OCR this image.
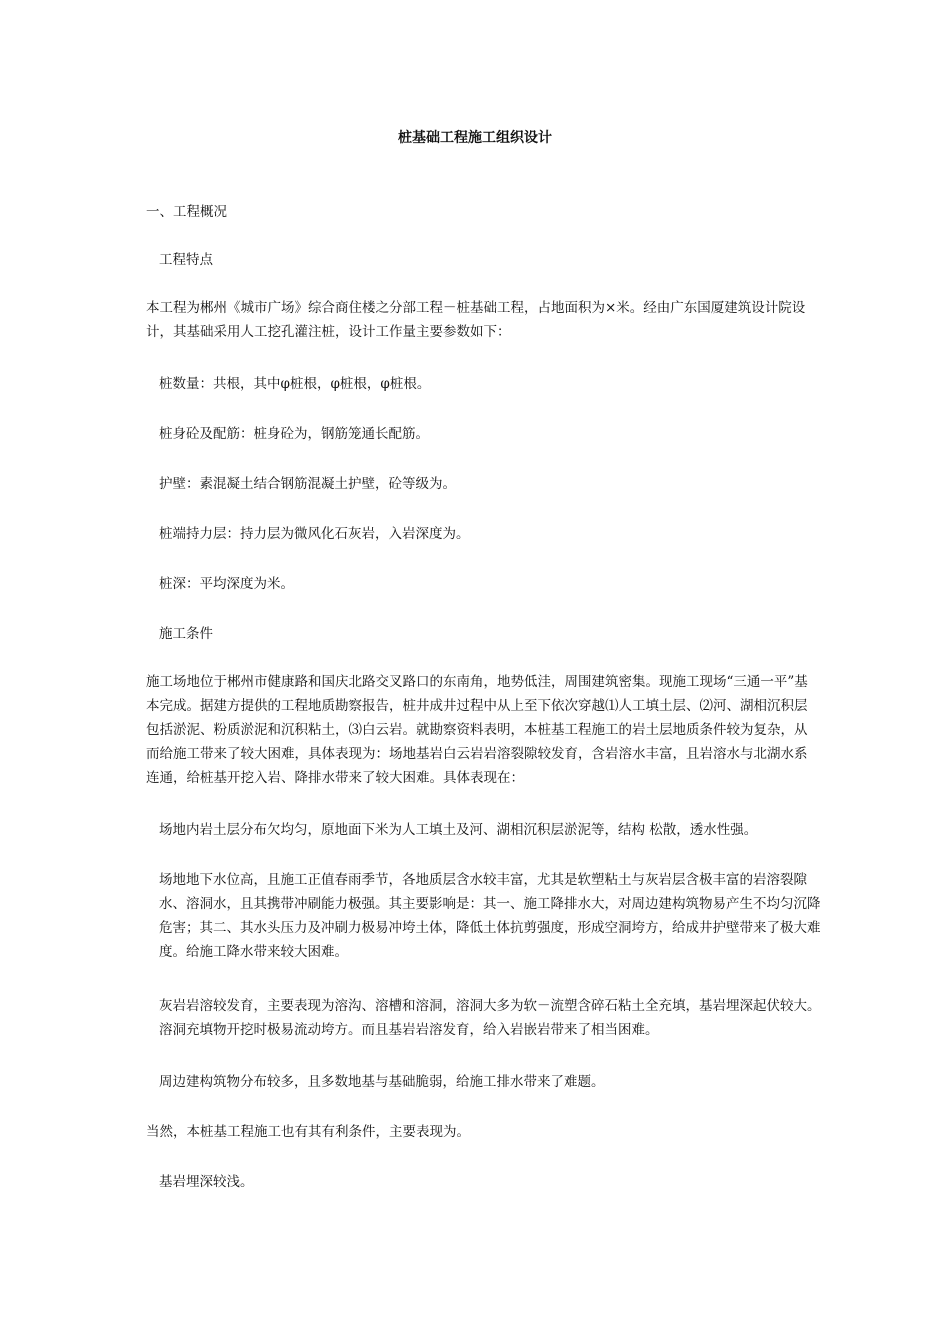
桩基础工程施工组织设计

一、工程概况

工程特点

本工程为郴州《城市广场》综合商住楼之分部工程－桩基础工程，占地面积为×米。经由广东国厦建筑设计院设计，其基础采用人工挖孔灌注桩，设计工作量主要参数如下：

桩数量：共根，其中φ桩根，φ桩根，φ桩根。

桩身砼及配筋：桩身砼为，钢筋笼通长配筋。

护壁：素混凝土结合钢筋混凝土护壁，砼等级为。

桩端持力层：持力层为微风化石灰岩，入岩深度为。

桩深：平均深度为米。

施工条件

施工场地位于郴州市健康路和国庆北路交叉路口的东南角，地势低洼，周围建筑密集。现施工现场“三通一平”基本完成。据建方提供的工程地质勘察报告，桩井成井过程中从上至下依次穿越⑴人工填土层、⑵河、湖相沉积层包括淤泥、粉质淤泥和沉积粘土，⑶白云岩。就勘察资料表明，本桩基工程施工的岩土层地质条件较为复杂，从而给施工带来了较大困难，具体表现为：场地基岩白云岩岩溶裂隙较发育，含岩溶水丰富，且岩溶水与北湖水系连通，给桩基开挖入岩、降排水带来了较大困难。具体表现在：

场地内岩土层分布欠均匀，原地面下米为人工填土及河、湖相沉积层淤泥等，结构 松散，透水性强。

场地地下水位高，且施工正值春雨季节，各地质层含水较丰富，尤其是软塑粘土与灰岩层含极丰富的岩溶裂隙水、溶洞水，且其携带冲刷能力极强。其主要影响是：其一、施工降排水大，对周边建构筑物易产生不均匀沉降危害；其二、其水头压力及冲刷力极易冲垮土体，降低土体抗剪强度，形成空洞垮方，给成井护壁带来了极大难度。给施工降水带来较大困难。

灰岩岩溶较发育，主要表现为溶沟、溶槽和溶洞，溶洞大多为软－流塑含碎石粘土全充填，基岩埋深起伏较大。溶洞充填物开挖时极易流动垮方。而且基岩岩溶发育，给入岩嵌岩带来了相当困难。

周边建构筑物分布较多，且多数地基与基础脆弱，给施工排水带来了难题。

当然，本桩基工程施工也有其有利条件，主要表现为。

基岩埋深较浅。
